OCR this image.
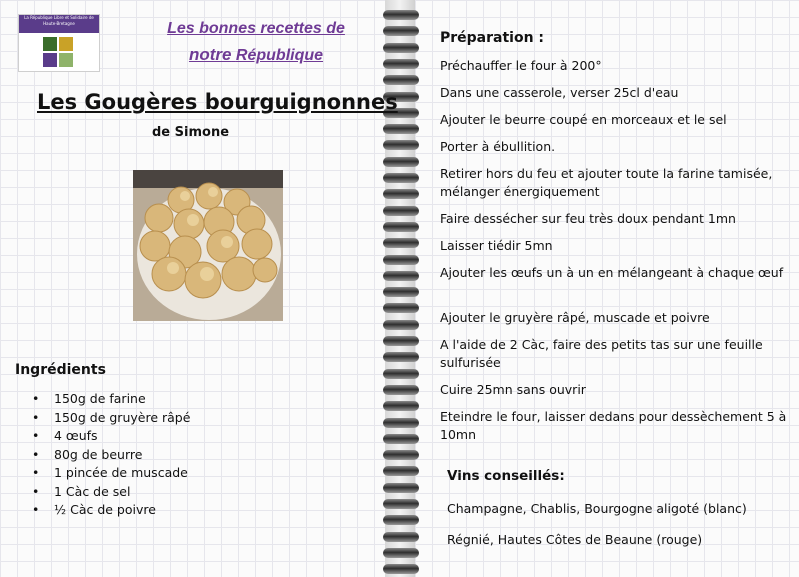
La République Libre et Solidaire de Haute-Bretagne	Les bonnes recettes de
notre République
Les Gougères bourguignonnes
de Simone
Ingrédients
• 150g de farine
• 150g de gruyère râpé
• 4 œufs
• 80g de beurre
• 1 pincée de muscade
• 1 Càc de sel
• ½ Càc de poivre
Préparation :
Préchauffer le four à 200°
Dans une casserole, verser 25cl d'eau
Ajouter le beurre coupé en morceaux et le sel
Porter à ébullition.
Retirer hors du feu et ajouter toute la farine tamisée, mélanger énergiquement
Faire dessécher sur feu très doux pendant 1mn
Laisser tiédir 5mn
Ajouter les œufs un à un en mélangeant à chaque œuf
Ajouter le gruyère râpé, muscade et poivre
A l'aide de 2 Càc, faire des petits tas sur une feuille sulfurisée
Cuire 25mn sans ouvrir
Eteindre le four, laisser dedans pour dessèchement 5 à 10mn
Vins conseillés:
Champagne, Chablis, Bourgogne aligoté (blanc)
Régnié, Hautes Côtes de Beaune (rouge)
